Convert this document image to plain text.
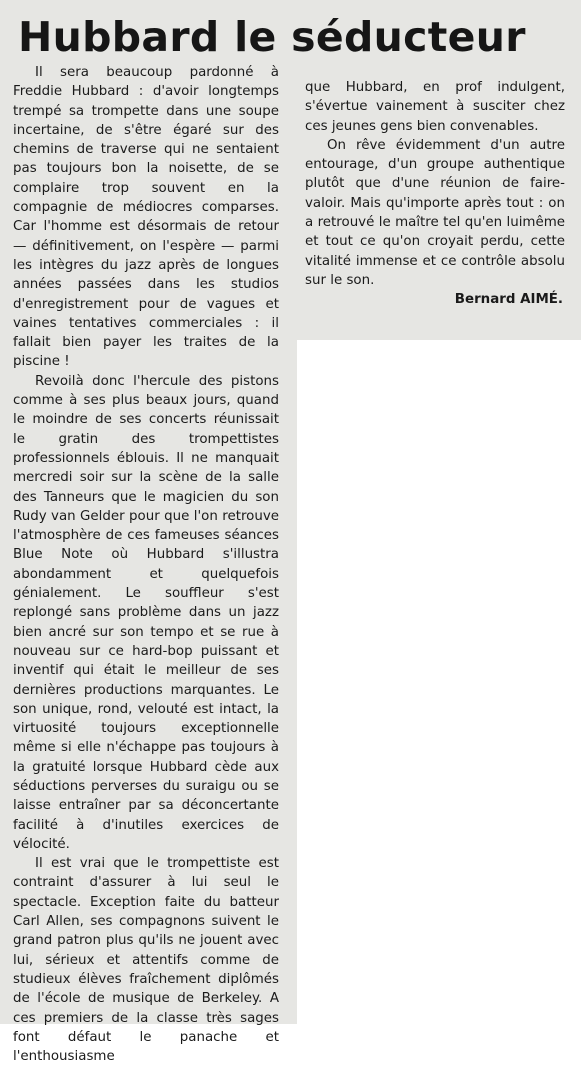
Hubbard le séducteur

Il sera beaucoup pardonné à Freddie Hubbard : d'avoir longtemps trempé sa trompette dans une soupe incertaine, de s'être égaré sur des chemins de traverse qui ne sentaient pas toujours bon la noisette, de se complaire trop souvent en la compagnie de médiocres comparses. Car l'homme est désormais de retour — définitivement, on l'espère — parmi les intègres du jazz après de longues années passées dans les studios d'enregistrement pour de vagues et vaines tentatives commerciales : il fallait bien payer les traites de la piscine !

Revoilà donc l'hercule des pistons comme à ses plus beaux jours, quand le moindre de ses concerts réunissait le gratin des trompettistes professionnels éblouis. Il ne manquait mercredi soir sur la scène de la salle des Tanneurs que le magicien du son Rudy van Gelder pour que l'on retrouve l'atmosphère de ces fameuses séances Blue Note où Hubbard s'illustra abondamment et quelquefois génialement. Le souffleur s'est replongé sans problème dans un jazz bien ancré sur son tempo et se rue à nouveau sur ce hard-bop puissant et inventif qui était le meilleur de ses dernières productions marquantes. Le son unique, rond, velouté est intact, la virtuosité toujours exceptionnelle même si elle n'échappe pas toujours à la gratuité lorsque Hubbard cède aux séductions perverses du suraigu ou se laisse entraîner par sa déconcertante facilité à d'inutiles exercices de vélocité.

Il est vrai que le trompettiste est contraint d'assurer à lui seul le spectacle. Exception faite du batteur Carl Allen, ses compagnons suivent le grand patron plus qu'ils ne jouent avec lui, sérieux et attentifs comme de studieux élèves fraîchement diplômés de l'école de musique de Berkeley. A ces premiers de la classe très sages font défaut le panache et l'enthousiasme

que Hubbard, en prof indulgent, s'évertue vainement à susciter chez ces jeunes gens bien convenables.

On rêve évidemment d'un autre entourage, d'un groupe authentique plutôt que d'une réunion de faire-valoir. Mais qu'importe après tout : on a retrouvé le maître tel qu'en luimême et tout ce qu'on croyait perdu, cette vitalité immense et ce contrôle absolu sur le son.

Bernard AIMÉ.
